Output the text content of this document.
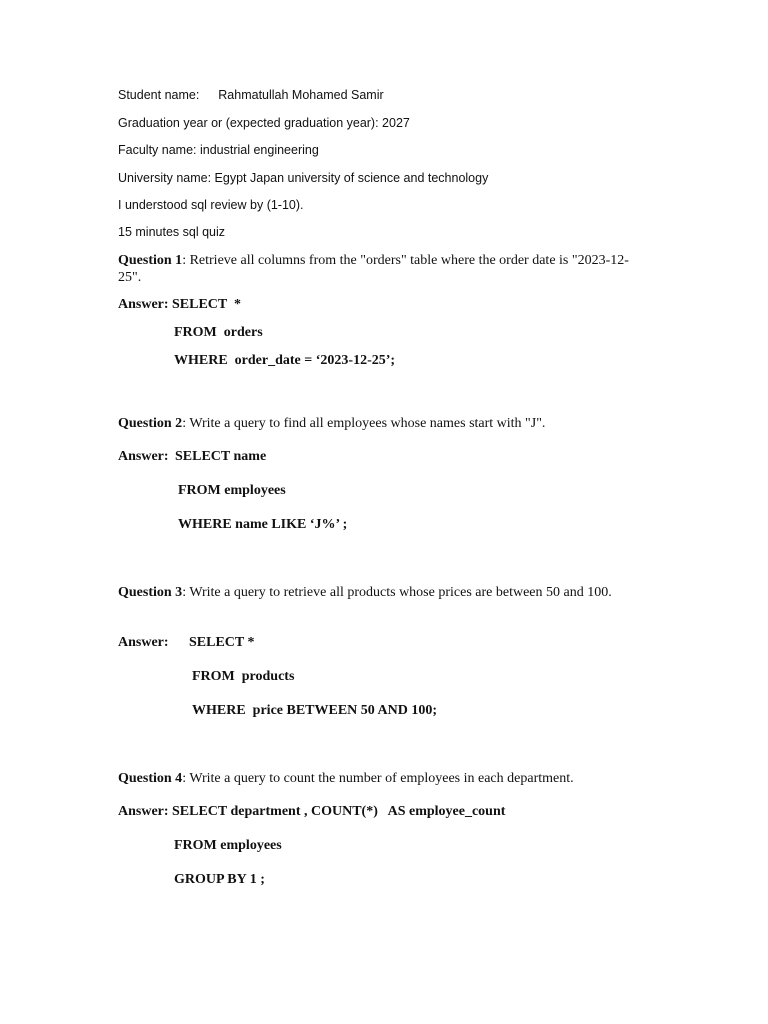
Student name: Rahmatullah Mohamed Samir
Graduation year or (expected graduation year): 2027
Faculty name: industrial engineering
University name: Egypt Japan university of science and technology
I understood sql review by (1-10).
15 minutes sql quiz
Question 1: Retrieve all columns from the "orders" table where the order date is "2023-12-25".
Answer: SELECT  *
FROM  orders
WHERE  order_date = ‘2023-12-25’;
Question 2: Write a query to find all employees whose names start with "J".
Answer: SELECT name
FROM employees
WHERE name LIKE ‘J%’ ;
Question 3: Write a query to retrieve all products whose prices are between 50 and 100.
Answer: SELECT *
FROM  products
WHERE  price BETWEEN 50 AND 100;
Question 4: Write a query to count the number of employees in each department.
Answer: SELECT department , COUNT(*)   AS employee_count
FROM employees
GROUP BY 1 ;
